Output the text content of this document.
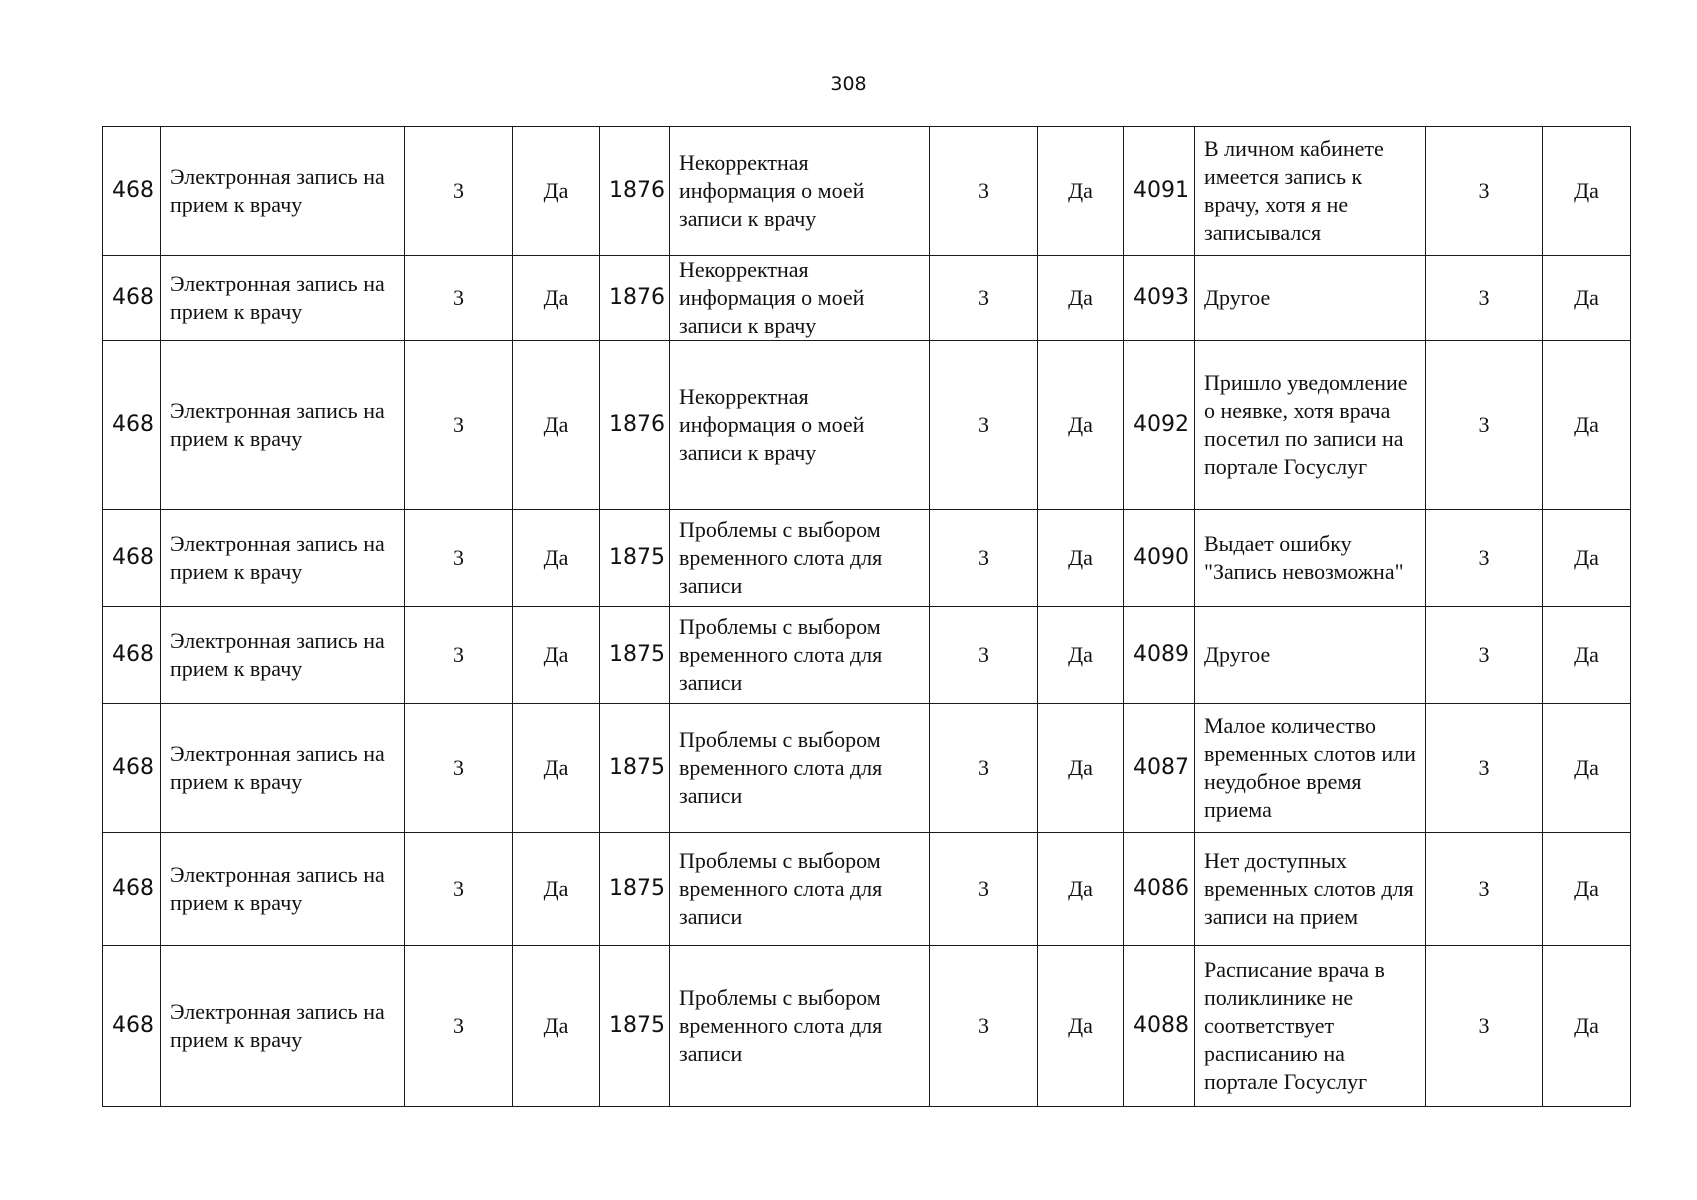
308
468	Электронная запись на прием к врачу	3	Да	1876	Некорректная информация о моей записи к врачу	3	Да	4091	В личном кабинете имеется запись к врачу, хотя я не записывался	3	Да
468	Электронная запись на прием к врачу	3	Да	1876	Некорректная информация о моей записи к врачу	3	Да	4093	Другое	3	Да
468	Электронная запись на прием к врачу	3	Да	1876	Некорректная информация о моей записи к врачу	3	Да	4092	Пришло уведомление о неявке, хотя врача посетил по записи на портале Госуслуг	3	Да
468	Электронная запись на прием к врачу	3	Да	1875	Проблемы с выбором временного слота для записи	3	Да	4090	Выдает ошибку "Запись невозможна"	3	Да
468	Электронная запись на прием к врачу	3	Да	1875	Проблемы с выбором временного слота для записи	3	Да	4089	Другое	3	Да
468	Электронная запись на прием к врачу	3	Да	1875	Проблемы с выбором временного слота для записи	3	Да	4087	Малое количество временных слотов или неудобное время приема	3	Да
468	Электронная запись на прием к врачу	3	Да	1875	Проблемы с выбором временного слота для записи	3	Да	4086	Нет доступных временных слотов для записи на прием	3	Да
468	Электронная запись на прием к врачу	3	Да	1875	Проблемы с выбором временного слота для записи	3	Да	4088	Расписание врача в поликлинике не соответствует расписанию на портале Госуслуг	3	Да
